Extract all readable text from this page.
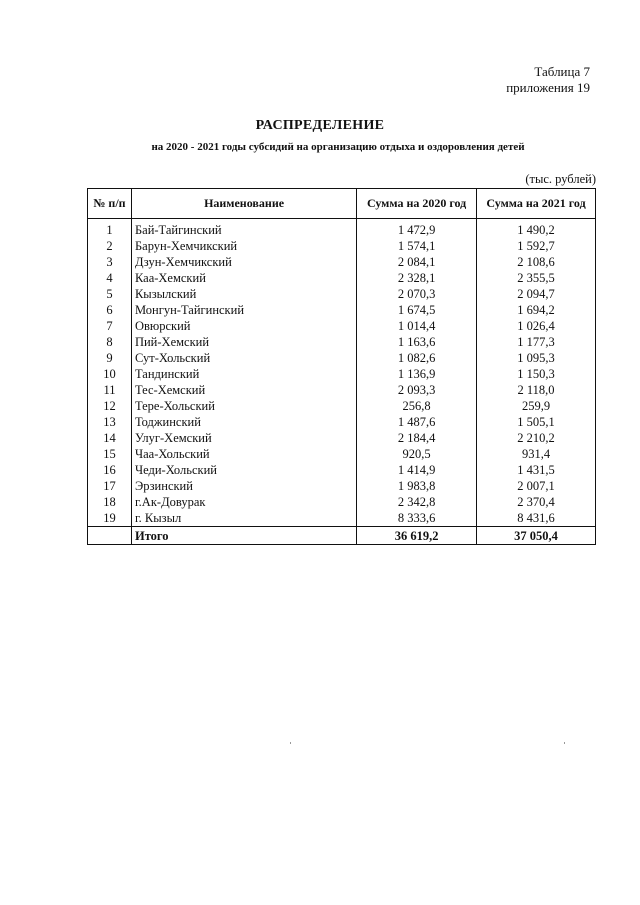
Таблица 7
приложения 19
РАСПРЕДЕЛЕНИЕ
на 2020 - 2021 годы субсидий на организацию отдыха и оздоровления детей
(тыс. рублей)
№ п/п	Наименование	Сумма на 2020 год	Сумма на 2021 год
1	Бай-Тайгинский	1 472,9	1 490,2
2	Барун-Хемчикский	1 574,1	1 592,7
3	Дзун-Хемчикский	2 084,1	2 108,6
4	Каа-Хемский	2 328,1	2 355,5
5	Кызылский	2 070,3	2 094,7
6	Монгун-Тайгинский	1 674,5	1 694,2
7	Овюрский	1 014,4	1 026,4
8	Пий-Хемский	1 163,6	1 177,3
9	Сут-Хольский	1 082,6	1 095,3
10	Тандинский	1 136,9	1 150,3
11	Тес-Хемский	2 093,3	2 118,0
12	Тере-Хольский	256,8	259,9
13	Тоджинский	1 487,6	1 505,1
14	Улуг-Хемский	2 184,4	2 210,2
15	Чаа-Хольский	920,5	931,4
16	Чеди-Хольский	1 414,9	1 431,5
17	Эрзинский	1 983,8	2 007,1
18	г.Ак-Довурак	2 342,8	2 370,4
19	г. Кызыл	8 333,6	8 431,6
	Итого	36 619,2	37 050,4
